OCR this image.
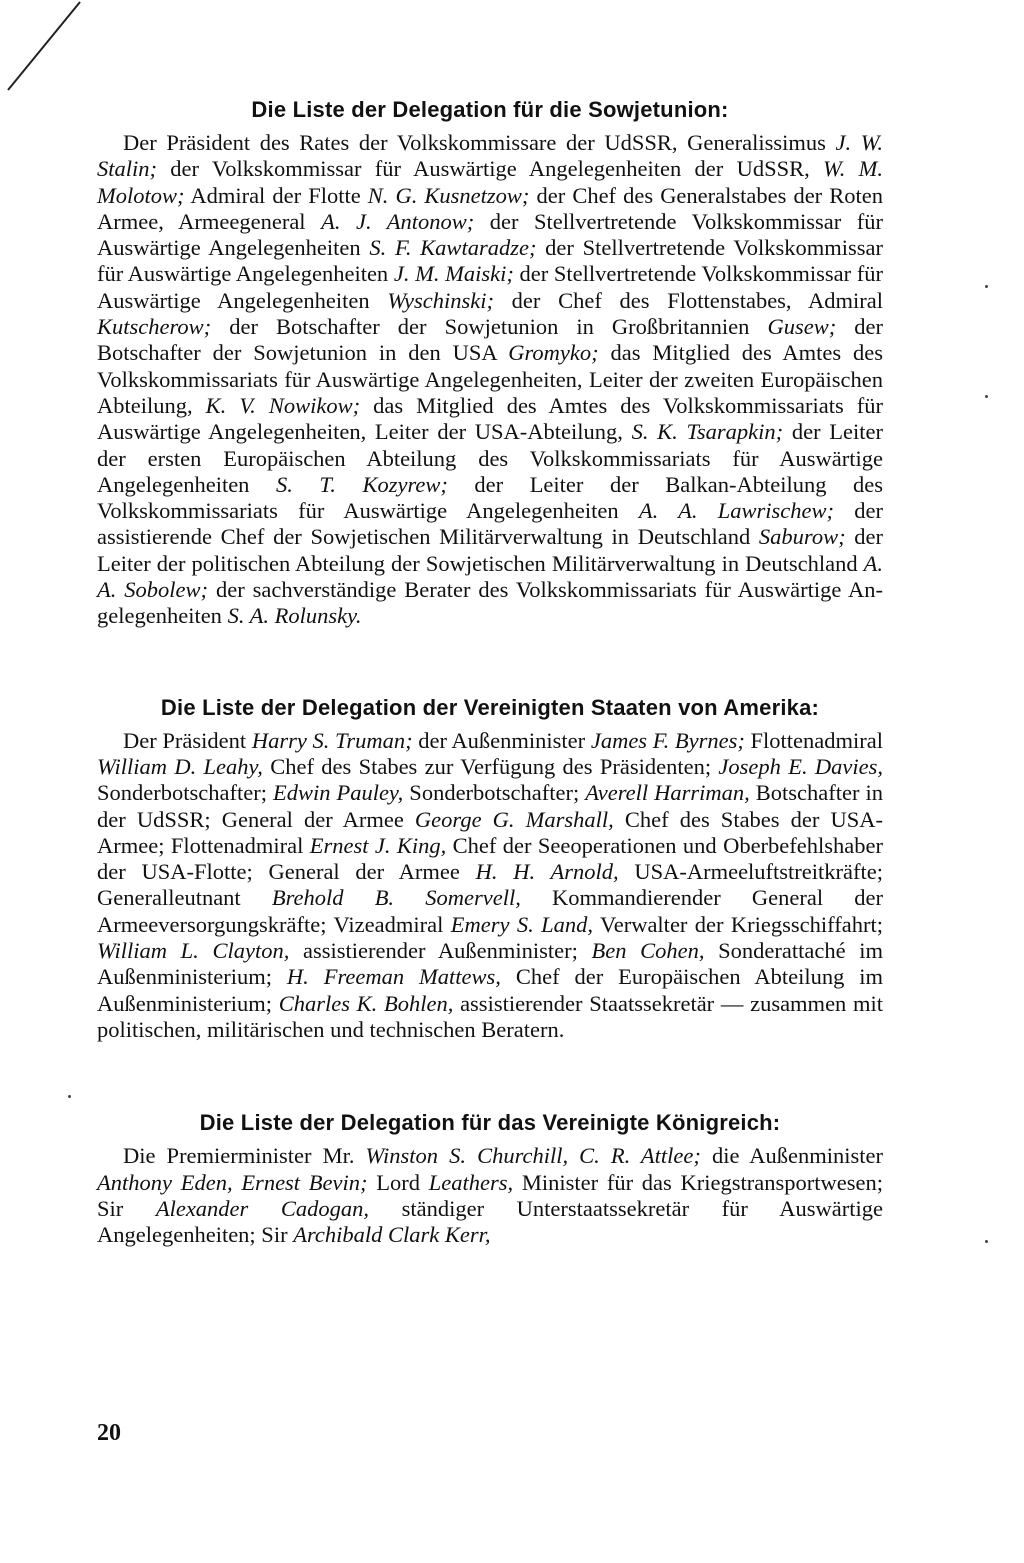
Die Liste der Delegation für die Sowjetunion:

Der Präsident des Rates der Volkskommissare der UdSSR, Generalissimus J. W. Stalin; der Volkskommissar für Auswärtige Angelegenheiten der UdSSR, W. M. Molotow; Admiral der Flotte N. G. Kusnetzow; der Chef des Generalstabes der Roten Armee, Armeegeneral A. J. Antonow; der Stellvertretende Volkskommissar für Auswärtige Angelegenheiten S. F. Kawtaradze; der Stellvertretende Volkskommissar für Auswärtige Angelegenheiten J. M. Maiski; der Stellvertretende Volkskommissar für Auswärtige Angelegenheiten Wyschinski; der Chef des Flottenstabes, Admiral Kutscherow; der Botschafter der Sowjetunion in Großbritannien Gusew; der Botschafter der Sowjetunion in den USA Gromyko; das Mitglied des Amtes des Volkskommissariats für Auswärtige Angelegenheiten, Leiter der zweiten Europäischen Abteilung, K. V. Nowikow; das Mitglied des Amtes des Volkskommissariats für Auswärtige Angelegenheiten, Leiter der USA-Abteilung, S. K. Tsarapkin; der Leiter der ersten Europäischen Abteilung des Volkskommissariats für Auswärtige Angelegenheiten S. T. Kozyrew; der Leiter der Balkan-Abteilung des Volkskommissariats für Auswärtige Angelegenheiten A. A. Lawrischew; der assistierende Chef der Sowjetischen Militärverwaltung in Deutschland Saburow; der Leiter der politischen Abteilung der Sowjetischen Militärverwaltung in Deutschland A. A. Sobolew; der sachverständige Berater des Volkskommissariats für Auswärtige Angelegenheiten S. A. Rolunsky.

Die Liste der Delegation der Vereinigten Staaten von Amerika:

Der Präsident Harry S. Truman; der Außenminister James F. Byrnes; Flottenadmiral William D. Leahy, Chef des Stabes zur Verfügung des Präsidenten; Joseph E. Davies, Sonderbotschafter; Edwin Pauley, Sonderbotschafter; Averell Harriman, Botschafter in der UdSSR; General der Armee George G. Marshall, Chef des Stabes der USA-Armee; Flottenadmiral Ernest J. King, Chef der Seeoperationen und Oberbefehlshaber der USA-Flotte; General der Armee H. H. Arnold, USA-Armeeluftstreitkräfte; Generalleutnant Brehold B. Somervell, Kommandierender General der Armeeversorgungskräfte; Vizeadmiral Emery S. Land, Verwalter der Kriegsschiffahrt; William L. Clayton, assistierender Außenminister; Ben Cohen, Sonderattaché im Außenministerium; H. Freeman Mattews, Chef der Europäischen Abteilung im Außenministerium; Charles K. Bohlen, assistierender Staatssekretär — zusammen mit politischen, militärischen und technischen Beratern.

Die Liste der Delegation für das Vereinigte Königreich:

Die Premierminister Mr. Winston S. Churchill, C. R. Attlee; die Außenminister Anthony Eden, Ernest Bevin; Lord Leathers, Minister für das Kriegstransportwesen; Sir Alexander Cadogan, ständiger Unterstaatssekretär für Auswärtige Angelegenheiten; Sir Archibald Clark Kerr,

20
